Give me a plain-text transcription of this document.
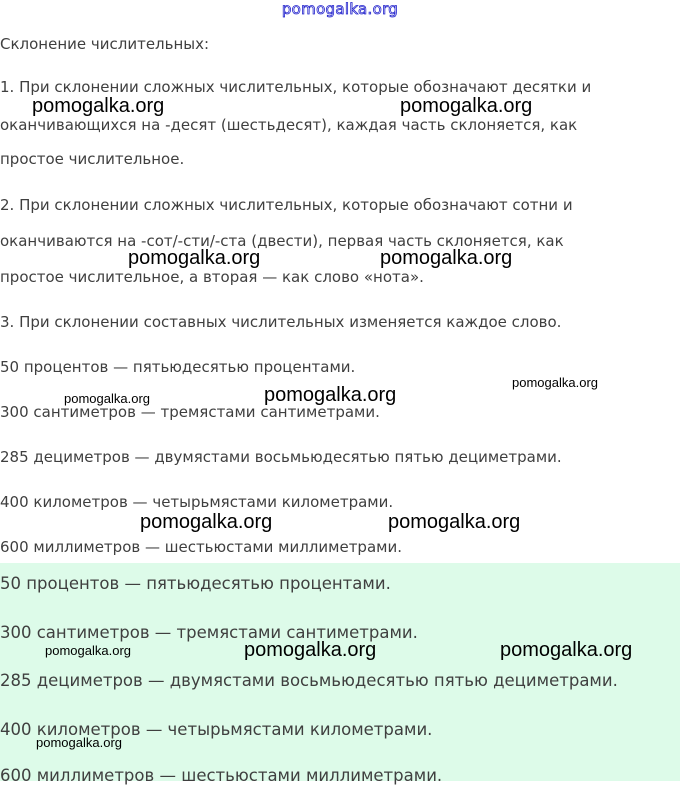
pomogalka.org
Склонение числительных:
1. При склонении сложных числительных, которые обозначают десятки и
оканчивающихся на -десят (шестьдесят), каждая часть склоняется, как
простое числительное.
2. При склонении сложных числительных, которые обозначают сотни и
оканчиваются на -сот/-сти/-ста (двести), первая часть склоняется, как
простое числительное, а вторая — как слово «нота».
3. При склонении составных числительных изменяется каждое слово.
50 процентов — пятьюдесятью процентами.
300 сантиметров — тремястами сантиметрами.
285 дециметров — двумястами восьмьюдесятью пятью дециметрами.
400 километров — четырьмястами километрами.
600 миллиметров — шестьюстами миллиметрами.
50 процентов — пятьюдесятью процентами.
300 сантиметров — тремястами сантиметрами.
285 дециметров — двумястами восьмьюдесятью пятью дециметрами.
400 километров — четырьмястами километрами.
600 миллиметров — шестьюстами миллиметрами.
pomogalka.org	pomogalka.org
pomogalka.org	pomogalka.org
pomogalka.org	pomogalka.org
pomogalka.org
pomogalka.org	pomogalka.org
pomogalka.org	pomogalka.org	pomogalka.org
pomogalka.org
